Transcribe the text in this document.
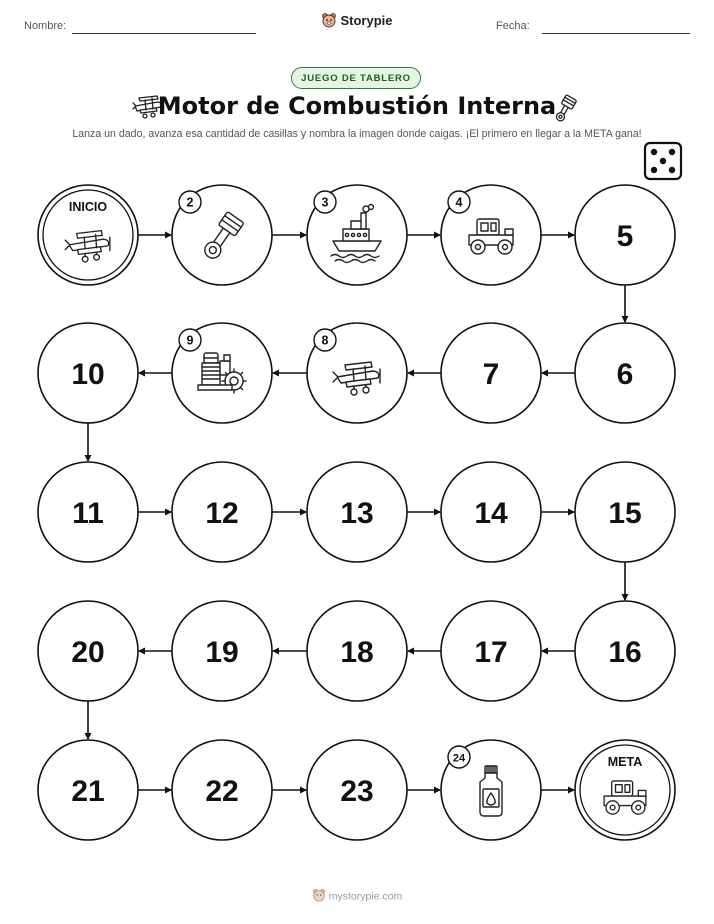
Nombre:	Storypie	Fecha:
JUEGO DE TABLERO
Motor de Combustión Interna
Lanza un dado, avanza esa cantidad de casillas y nombra la imagen donde caigas. ¡El primero en llegar a la META gana!
INICIO	2	3	4
5
6
7
8
9
10
11	12	13	14	15
16
17
18
19
20
21	22	23
24	META
mystorypie.com
